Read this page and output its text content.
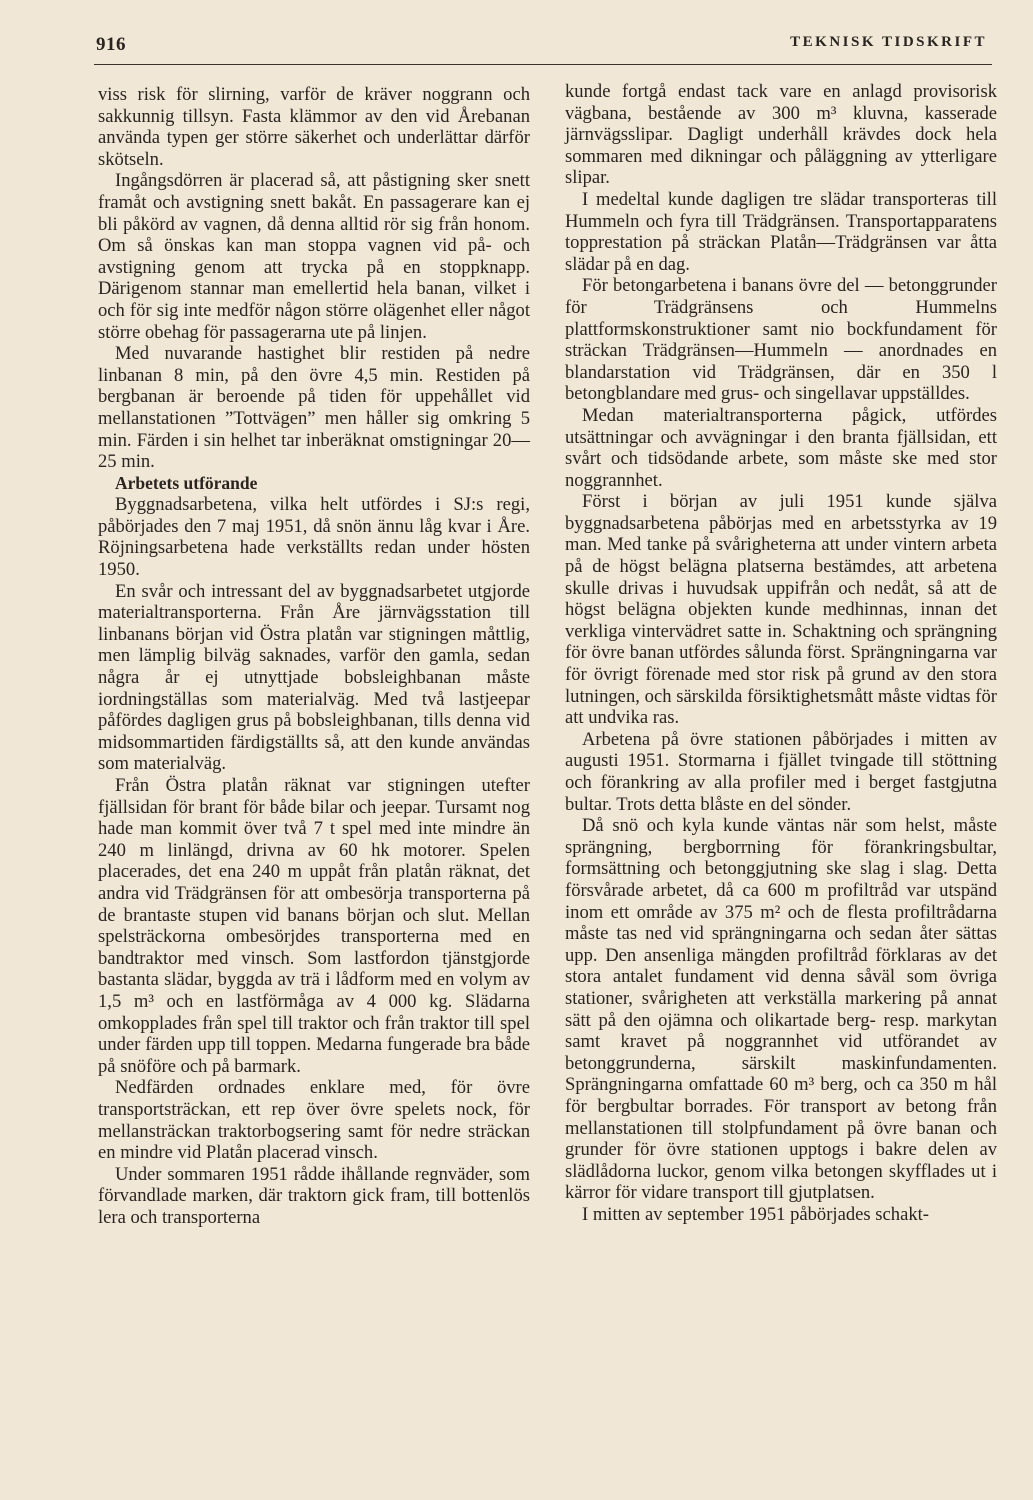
916	TEKNISK TIDSKRIFT

viss risk för slirning, varför de kräver noggrann och sakkunnig tillsyn. Fasta klämmor av den vid Årebanan använda typen ger större säkerhet och underlättar därför skötseln.

Ingångsdörren är placerad så, att påstigning sker snett framåt och avstigning snett bakåt. En passagerare kan ej bli påkörd av vagnen, då denna alltid rör sig från honom. Om så önskas kan man stoppa vagnen vid på- och avstigning genom att trycka på en stoppknapp. Därigenom stannar man emellertid hela banan, vilket i och för sig inte medför någon större olägenhet eller något större obehag för passagerarna ute på linjen.

Med nuvarande hastighet blir restiden på nedre linbanan 8 min, på den övre 4,5 min. Restiden på bergbanan är beroende på tiden för uppehållet vid mellanstationen ”Tottvägen” men håller sig omkring 5 min. Färden i sin helhet tar inberäknat omstigningar 20—25 min.

Arbetets utförande

Byggnadsarbetena, vilka helt utfördes i SJ:s regi, påbörjades den 7 maj 1951, då snön ännu låg kvar i Åre. Röjningsarbetena hade verkställts redan under hösten 1950.

En svår och intressant del av byggnadsarbetet utgjorde materialtransporterna. Från Åre järnvägsstation till linbanans början vid Östra platån var stigningen måttlig, men lämplig bilväg saknades, varför den gamla, sedan några år ej utnyttjade bobsleighbanan måste iordningställas som materialväg. Med två lastjeepar påfördes dagligen grus på bobsleighbanan, tills denna vid midsommartiden färdigställts så, att den kunde användas som materialväg.

Från Östra platån räknat var stigningen utefter fjällsidan för brant för både bilar och jeepar. Tursamt nog hade man kommit över två 7 t spel med inte mindre än 240 m linlängd, drivna av 60 hk motorer. Spelen placerades, det ena 240 m uppåt från platån räknat, det andra vid Trädgränsen för att ombesörja transporterna på de brantaste stupen vid banans början och slut. Mellan spelsträckorna ombesörjdes transporterna med en bandtraktor med vinsch. Som lastfordon tjänstgjorde bastanta slädar, byggda av trä i lådform med en volym av 1,5 m³ och en lastförmåga av 4 000 kg. Slädarna omkopplades från spel till traktor och från traktor till spel under färden upp till toppen. Medarna fungerade bra både på snöföre och på barmark.

Nedfärden ordnades enklare med, för övre transportsträckan, ett rep över övre spelets nock, för mellansträckan traktorbogsering samt för nedre sträckan en mindre vid Platån placerad vinsch.

Under sommaren 1951 rådde ihållande regnväder, som förvandlade marken, där traktorn gick fram, till bottenlös lera och transporterna

kunde fortgå endast tack vare en anlagd provisorisk vägbana, bestående av 300 m³ kluvna, kasserade järnvägsslipar. Dagligt underhåll krävdes dock hela sommaren med dikningar och påläggning av ytterligare slipar.

I medeltal kunde dagligen tre slädar transporteras till Hummeln och fyra till Trädgränsen. Transportapparatens topprestation på sträckan Platån—Trädgränsen var åtta slädar på en dag.

För betongarbetena i banans övre del — betonggrunder för Trädgränsens och Hummelns plattformskonstruktioner samt nio bockfundament för sträckan Trädgränsen—Hummeln — anordnades en blandarstation vid Trädgränsen, där en 350 l betongblandare med grus- och singellavar uppställdes.

Medan materialtransporterna pågick, utfördes utsättningar och avvägningar i den branta fjällsidan, ett svårt och tidsödande arbete, som måste ske med stor noggrannhet.

Först i början av juli 1951 kunde själva byggnadsarbetena påbörjas med en arbetsstyrka av 19 man. Med tanke på svårigheterna att under vintern arbeta på de högst belägna platserna bestämdes, att arbetena skulle drivas i huvudsak uppifrån och nedåt, så att de högst belägna objekten kunde medhinnas, innan det verkliga vintervädret satte in. Schaktning och sprängning för övre banan utfördes sålunda först. Sprängningarna var för övrigt förenade med stor risk på grund av den stora lutningen, och särskilda försiktighetsmått måste vidtas för att undvika ras.

Arbetena på övre stationen påbörjades i mitten av augusti 1951. Stormarna i fjället tvingade till stöttning och förankring av alla profiler med i berget fastgjutna bultar. Trots detta blåste en del sönder.

Då snö och kyla kunde väntas när som helst, måste sprängning, bergborrning för förankringsbultar, formsättning och betonggjutning ske slag i slag. Detta försvårade arbetet, då ca 600 m profiltråd var utspänd inom ett område av 375 m² och de flesta profiltrådarna måste tas ned vid sprängningarna och sedan åter sättas upp. Den ansenliga mängden profiltråd förklaras av det stora antalet fundament vid denna såväl som övriga stationer, svårigheten att verkställa markering på annat sätt på den ojämna och olikartade berg- resp. markytan samt kravet på noggrannhet vid utförandet av betonggrunderna, särskilt maskinfundamenten. Sprängningarna omfattade 60 m³ berg, och ca 350 m hål för bergbultar borrades. För transport av betong från mellanstationen till stolpfundament på övre banan och grunder för övre stationen upptogs i bakre delen av slädlådorna luckor, genom vilka betongen skyfflades ut i kärror för vidare transport till gjutplatsen.

I mitten av september 1951 påbörjades schakt-
